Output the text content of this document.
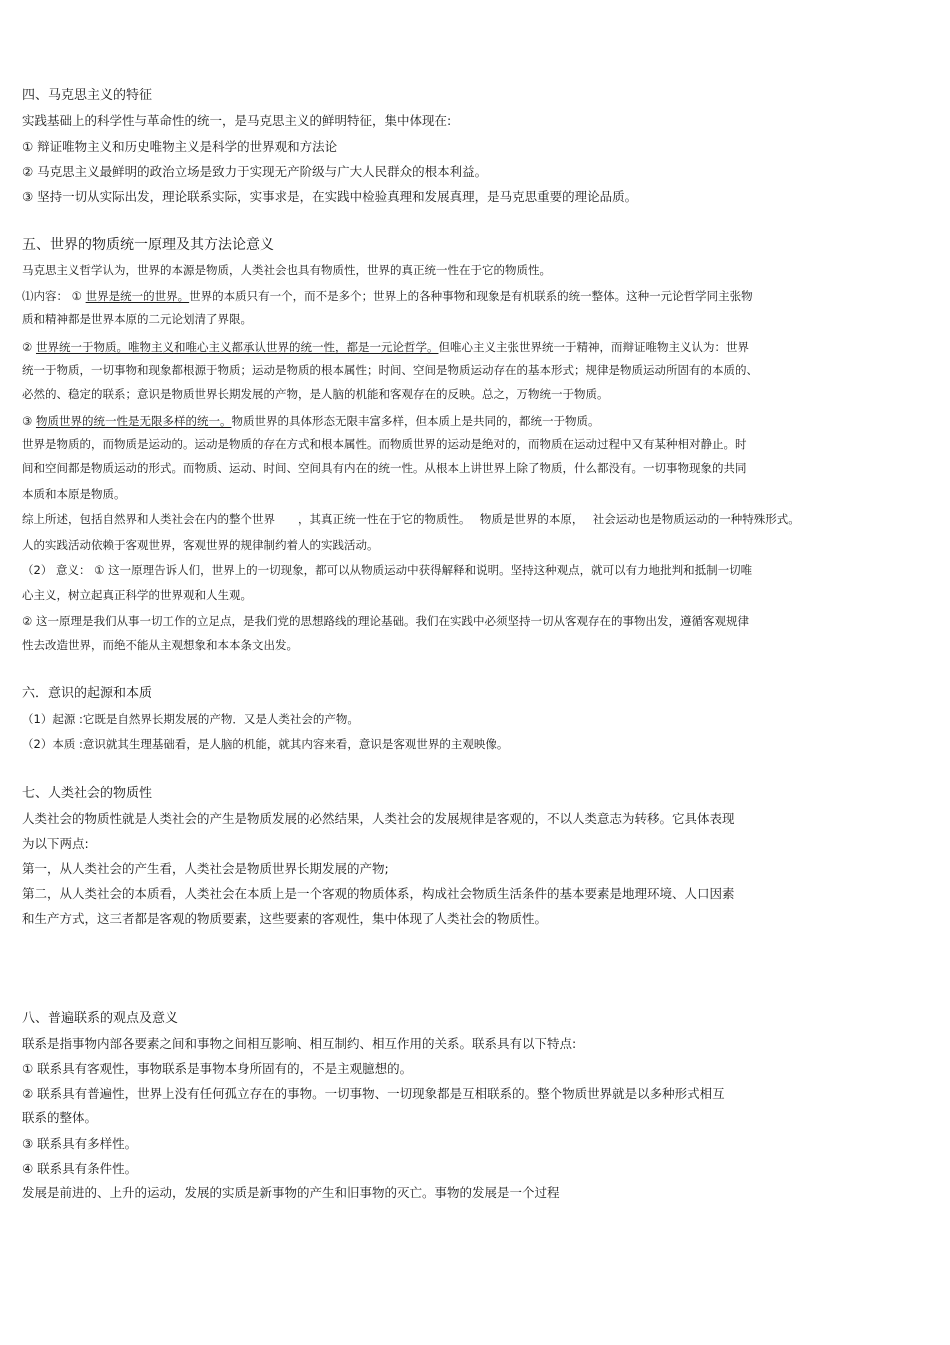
四、马克思主义的特征
实践基础上的科学性与革命性的统一，是马克思主义的鲜明特征，集中体现在:
① 辩证唯物主义和历史唯物主义是科学的世界观和方法论
② 马克思主义最鲜明的政治立场是致力于实现无产阶级与广大人民群众的根本利益。
③ 坚持一切从实际出发，理论联系实际，实事求是，在实践中检验真理和发展真理，是马克思重要的理论品质。
五、世界的物质统一原理及其方法论意义
马克思主义哲学认为，世界的本源是物质，人类社会也具有物质性，世界的真正统一性在于它的物质性。
⑴内容： ① 世界是统一的世界。世界的本质只有一个，而不是多个；世界上的各种事物和现象是有机联系的统一整体。这种一元论哲学同主张物
质和精神都是世界本原的二元论划清了界限。
② 世界统一于物质。唯物主义和唯心主义都承认世界的统一性，都是一元论哲学。但唯心主义主张世界统一于精神，而辩证唯物主义认为：世界
统一于物质，一切事物和现象都根源于物质；运动是物质的根本属性；时间、空间是物质运动存在的基本形式；规律是物质运动所固有的本质的、
必然的、稳定的联系；意识是物质世界长期发展的产物，是人脑的机能和客观存在的反映。总之，万物统一于物质。
③ 物质世界的统一性是无限多样的统一。物质世界的具体形态无限丰富多样，但本质上是共同的，都统一于物质。
世界是物质的，而物质是运动的。运动是物质的存在方式和根本属性。而物质世界的运动是绝对的，而物质在运动过程中又有某种相对静止。时
间和空间都是物质运动的形式。而物质、运动、时间、空间具有内在的统一性。从根本上讲世界上除了物质，什么都没有。一切事物现象的共同
本质和本原是物质。
综上所述，包括自然界和人类社会在内的整个世界　　，其真正统一性在于它的物质性。　 物质是世界的本原，　 社会运动也是物质运动的一种特殊形式。
人的实践活动依赖于客观世界，客观世界的规律制约着人的实践活动。
（2） 意义： ① 这一原理告诉人们，世界上的一切现象，都可以从物质运动中获得解释和说明。坚持这种观点，就可以有力地批判和抵制一切唯
心主义，树立起真正科学的世界观和人生观。
② 这一原理是我们从事一切工作的立足点，是我们党的思想路线的理论基础。我们在实践中必须坚持一切从客观存在的事物出发，遵循客观规律
性去改造世界，而绝不能从主观想象和本本条文出发。
六．意识的起源和本质
（1）起源 :它既是自然界长期发展的产物．又是人类社会的产物。
（2）本质 :意识就其生理基础看，是人脑的机能，就其内容来看，意识是客观世界的主观映像。
七、人类社会的物质性
人类社会的物质性就是人类社会的产生是物质发展的必然结果，人类社会的发展规律是客观的，不以人类意志为转移。它具体表现
为以下两点:
第一，从人类社会的产生看，人类社会是物质世界长期发展的产物;
第二，从人类社会的本质看，人类社会在本质上是一个客观的物质体系，构成社会物质生活条件的基本要素是地理环境、人口因素
和生产方式，这三者都是客观的物质要素，这些要素的客观性，集中体现了人类社会的物质性。
八、普遍联系的观点及意义
联系是指事物内部各要素之间和事物之间相互影响、相互制约、相互作用的关系。联系具有以下特点:
① 联系具有客观性，事物联系是事物本身所固有的，不是主观臆想的。
② 联系具有普遍性，世界上没有任何孤立存在的事物。一切事物、一切现象都是互相联系的。整个物质世界就是以多种形式相互
联系的整体。
③ 联系具有多样性。
④ 联系具有条件性。
发展是前进的、上升的运动，发展的实质是新事物的产生和旧事物的灭亡。事物的发展是一个过程
